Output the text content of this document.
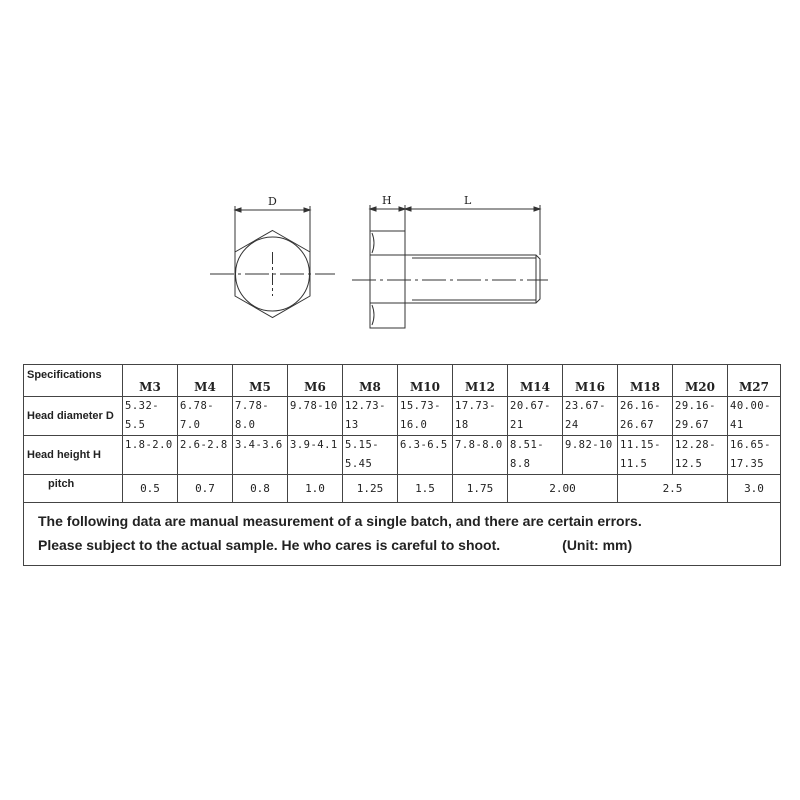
D	H	L
Specifications	M3	M4	M5	M6	M8	M10	M12	M14	M16	M18	M20	M27
Head diameter D	5.32-5.5	6.78-7.0	7.78-8.0	9.78-10	12.73-13	15.73-16.0	17.73-18	20.67-21	23.67-24	26.16-26.67	29.16-29.67	40.00-41
Head height H	1.8-2.0	2.6-2.8	3.4-3.6	3.9-4.1	5.15-5.45	6.3-6.5	7.8-8.0	8.51-8.8	9.82-10	11.15-11.5	12.28-12.5	16.65-17.35
pitch	0.5	0.7	0.8	1.0	1.25	1.5	1.75	2.00		2.5		3.0

The following data are manual measurement of a single batch, and there are certain errors.
Please subject to the actual sample. He who cares is careful to shoot. (Unit: mm)												
